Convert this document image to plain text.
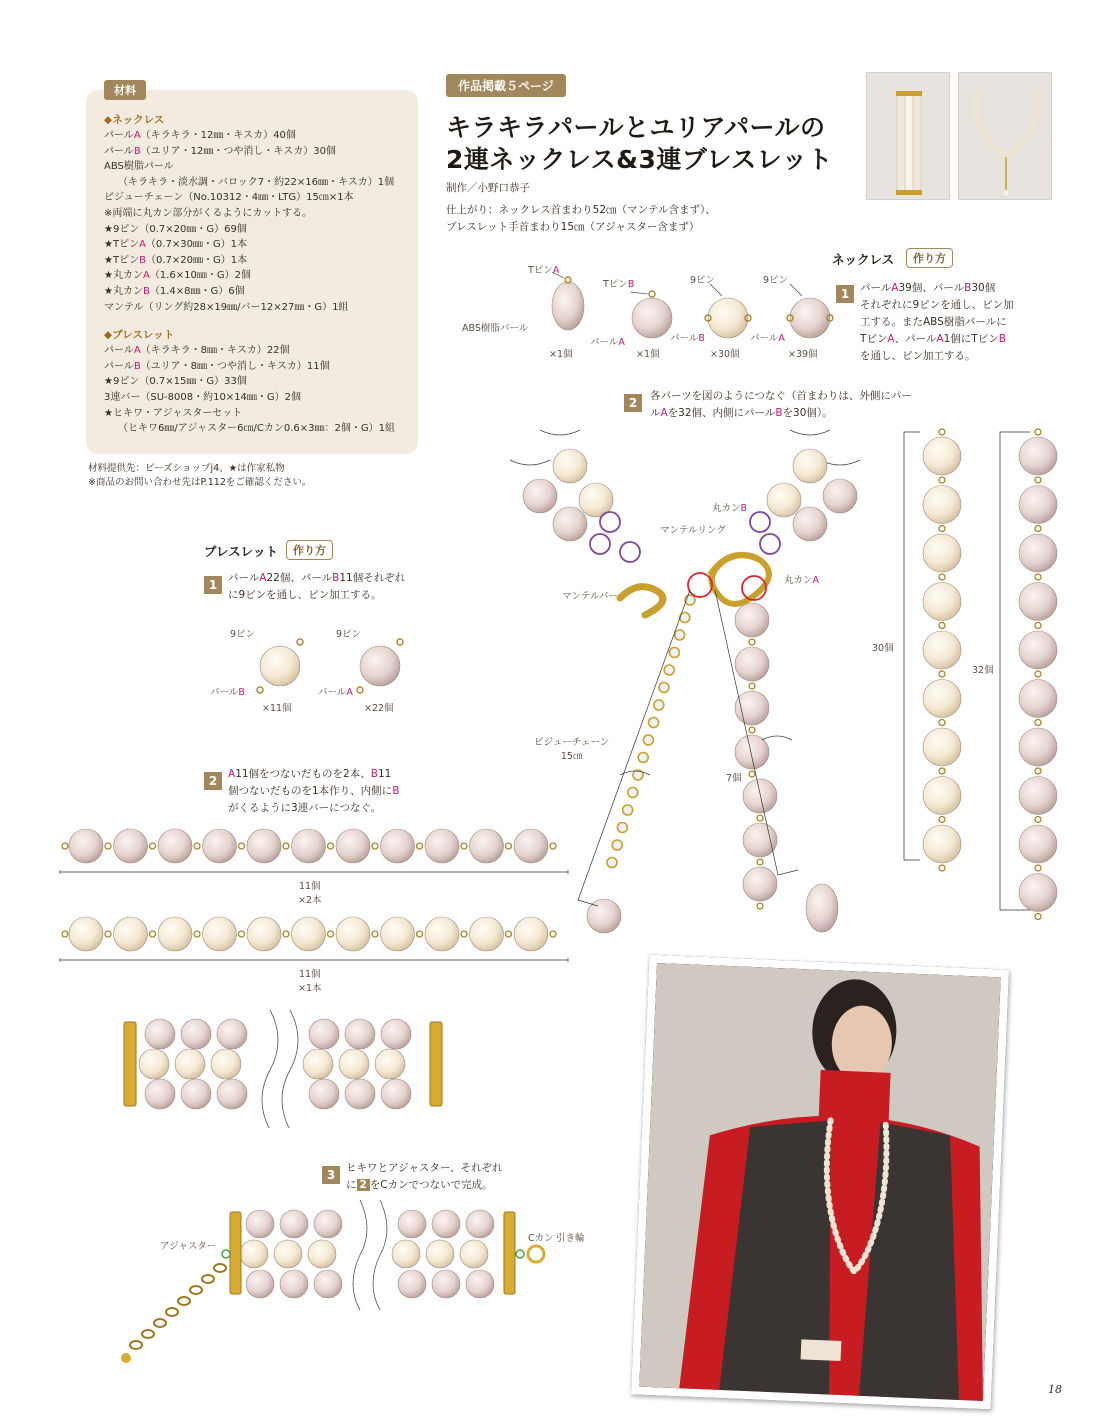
材料
◆ネックレス
パールA（キラキラ・12㎜・キスカ）40個
パールB（ユリア・12㎜・つや消し・キスカ）30個
ABS樹脂パール
（キラキラ・淡水調・バロック7・約22×16㎜・キスカ）1個
ビジューチェーン（No.10312・4㎜・LTG）15㎝×1本
※両端に丸カン部分がくるようにカットする。
★9ピン（0.7×20㎜・G）69個
★TピンA（0.7×30㎜・G）1本
★TピンB（0.7×20㎜・G）1本
★丸カンA（1.6×10㎜・G）2個
★丸カンB（1.4×8㎜・G）6個
マンテル（リング約28×19㎜/バー12×27㎜・G）1組
◆ブレスレット
パールA（キラキラ・8㎜・キスカ）22個
パールB（ユリア・8㎜・つや消し・キスカ）11個
★9ピン（0.7×15㎜・G）33個
3連バー（SU-8008・約10×14㎜・G）2個
★ヒキワ・アジャスターセット
（ヒキワ6㎜/アジャスター6㎝/Cカン0.6×3㎜：2個・G）1組
材料提供先：ビーズショップj4、★は作家私物
※商品のお問い合わせ先はP.112をご確認ください。
作品掲載５ページ
キラキラパールとユリアパールの
2連ネックレス&3連ブレスレット
制作／小野口恭子
仕上がり：ネックレス首まわり52㎝（マンテル含まず）、
ブレスレット手首まわり15㎝（アジャスター含まず）
ネックレス	作り方
1	パールA39個、パールB30個
それぞれに9ピンを通し、ピン加
工する。またABS樹脂パールに
TピンA、パールA1個にTピンB
を通し、ピン加工する。
TピンA
TピンB	9ピン	9ピン
ABS樹脂パール
パールA	パールB	パールA
×1個	×1個	×30個	×39個
2	各パーツを図のようにつなぐ（首まわりは、外側にパー
ルAを32個、内側にパールBを30個）。
丸カンB
マンテルリング
マンテルバー
丸カンA
ビジューチェーン
15㎝
7個
30個
32個
ブレスレット	作り方
1	パールA22個、パールB11個それぞれ
に9ピンを通し、ピン加工する。
9ピン	9ピン
パールB	パールA
×11個	×22個
2	A11個をつないだものを2本、B11
個つないだものを1本作り、内側にB
がくるように3連バーにつなぐ。
11個
×2本
11個
×1本
3	ヒキワとアジャスター、それぞれ
に 2 をCカンでつないで完成。
アジャスター
Cカン 引き輪
18
